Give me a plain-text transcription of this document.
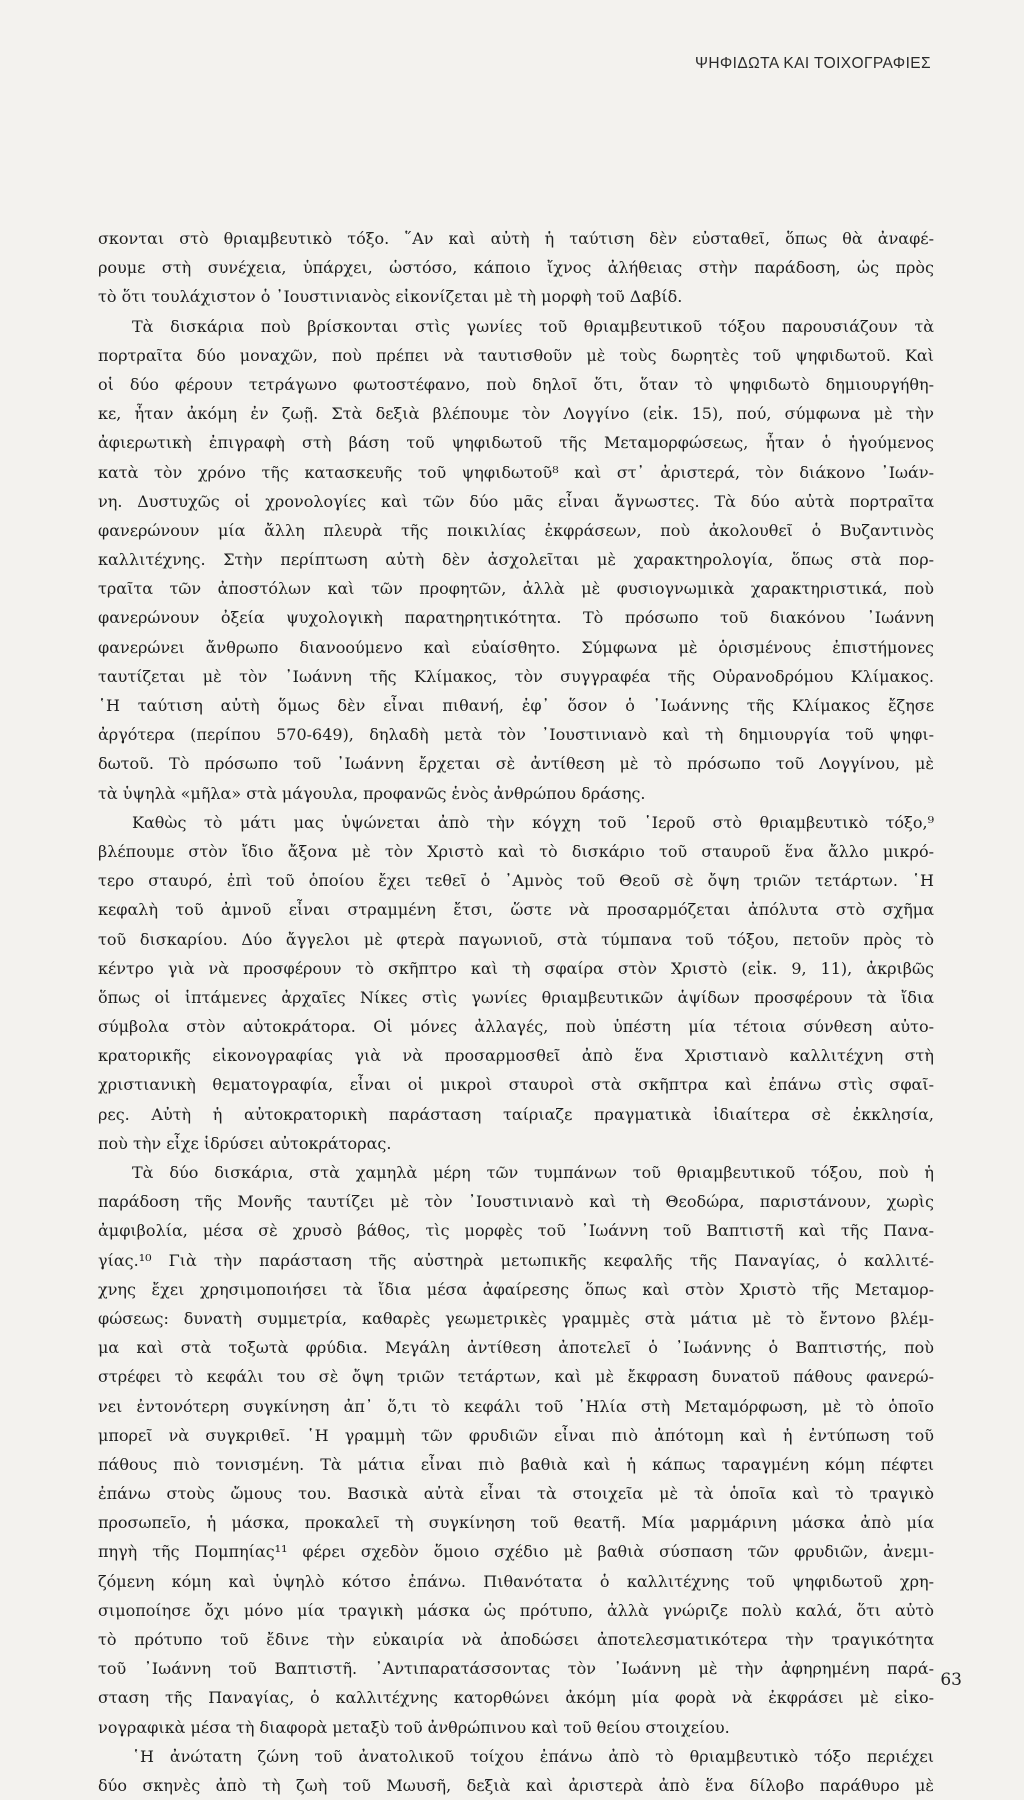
ΨΗΦΙΔΩΤΑ ΚΑΙ ΤΟΙΧΟΓΡΑΦΙΕΣ

σκονται στὸ θριαμβευτικὸ τόξο. ῞Αν καὶ αὐτὴ ἡ ταύτιση δὲν εὐσταθεῖ, ὅπως θὰ ἀναφέ-
ρουμε στὴ συνέχεια, ὑπάρχει, ὡστόσο, κάποιο ἴχνος ἀλήθειας στὴν παράδοση, ὡς πρὸς
τὸ ὅτι τουλάχιστον ὁ ᾿Ιουστινιανὸς εἰκονίζεται μὲ τὴ μορφὴ τοῦ Δαβίδ.
Τὰ δισκάρια ποὺ βρίσκονται στὶς γωνίες τοῦ θριαμβευτικοῦ τόξου παρουσιάζουν τὰ
πορτραῖτα δύο μοναχῶν, ποὺ πρέπει νὰ ταυτισθοῦν μὲ τοὺς δωρητὲς τοῦ ψηφιδωτοῦ. Καὶ
οἱ δύο φέρουν τετράγωνο φωτοστέφανο, ποὺ δηλοῖ ὅτι, ὅταν τὸ ψηφιδωτὸ δημιουργήθη-
κε, ἦταν ἀκόμη ἐν ζωῇ. Στὰ δεξιὰ βλέπουμε τὸν Λογγίνο (εἰκ. 15), πού, σύμφωνα μὲ τὴν
ἀφιερωτικὴ ἐπιγραφὴ στὴ βάση τοῦ ψηφιδωτοῦ τῆς Μεταμορφώσεως, ἦταν ὁ ἡγούμενος
κατὰ τὸν χρόνο τῆς κατασκευῆς τοῦ ψηφιδωτοῦ⁸ καὶ στ᾿ ἀριστερά, τὸν διάκονο ᾿Ιωάν-
νη. Δυστυχῶς οἱ χρονολογίες καὶ τῶν δύο μᾶς εἶναι ἄγνωστες. Τὰ δύο αὐτὰ πορτραῖτα
φανερώνουν μία ἄλλη πλευρὰ τῆς ποικιλίας ἐκφράσεων, ποὺ ἀκολουθεῖ ὁ Βυζαντινὸς
καλλιτέχνης. Στὴν περίπτωση αὐτὴ δὲν ἀσχολεῖται μὲ χαρακτηρολογία, ὅπως στὰ πορ-
τραῖτα τῶν ἀποστόλων καὶ τῶν προφητῶν, ἀλλὰ μὲ φυσιογνωμικὰ χαρακτηριστικά, ποὺ
φανερώνουν ὀξεία ψυχολογικὴ παρατηρητικότητα. Τὸ πρόσωπο τοῦ διακόνου ᾿Ιωάννη
φανερώνει ἄνθρωπο διανοούμενο καὶ εὐαίσθητο. Σύμφωνα μὲ ὁρισμένους ἐπιστήμονες
ταυτίζεται μὲ τὸν ᾿Ιωάννη τῆς Κλίμακος, τὸν συγγραφέα τῆς Οὐρανοδρόμου Κλίμακος.
῾Η ταύτιση αὐτὴ ὅμως δὲν εἶναι πιθανή, ἐφ᾿ ὅσον ὁ ᾿Ιωάννης τῆς Κλίμακος ἔζησε
ἀργότερα (περίπου 570-649), δηλαδὴ μετὰ τὸν ᾿Ιουστινιανὸ καὶ τὴ δημιουργία τοῦ ψηφι-
δωτοῦ. Τὸ πρόσωπο τοῦ ᾿Ιωάννη ἔρχεται σὲ ἀντίθεση μὲ τὸ πρόσωπο τοῦ Λογγίνου, μὲ
τὰ ὑψηλὰ «μῆλα» στὰ μάγουλα, προφανῶς ἑνὸς ἀνθρώπου δράσης.
Καθὼς τὸ μάτι μας ὑψώνεται ἀπὸ τὴν κόγχη τοῦ ῾Ιεροῦ στὸ θριαμβευτικὸ τόξο,⁹
βλέπουμε στὸν ἴδιο ἄξονα μὲ τὸν Χριστὸ καὶ τὸ δισκάριο τοῦ σταυροῦ ἕνα ἄλλο μικρό-
τερο σταυρό, ἐπὶ τοῦ ὁποίου ἔχει τεθεῖ ὁ ᾿Αμνὸς τοῦ Θεοῦ σὲ ὄψη τριῶν τετάρτων. ῾Η
κεφαλὴ τοῦ ἀμνοῦ εἶναι στραμμένη ἔτσι, ὥστε νὰ προσαρμόζεται ἀπόλυτα στὸ σχῆμα
τοῦ δισκαρίου. Δύο ἄγγελοι μὲ φτερὰ παγωνιοῦ, στὰ τύμπανα τοῦ τόξου, πετοῦν πρὸς τὸ
κέντρο γιὰ νὰ προσφέρουν τὸ σκῆπτρο καὶ τὴ σφαίρα στὸν Χριστὸ (εἰκ. 9, 11), ἀκριβῶς
ὅπως οἱ ἱπτάμενες ἀρχαῖες Νίκες στὶς γωνίες θριαμβευτικῶν ἁψίδων προσφέρουν τὰ ἴδια
σύμβολα στὸν αὐτοκράτορα. Οἱ μόνες ἀλλαγές, ποὺ ὑπέστη μία τέτοια σύνθεση αὐτο-
κρατορικῆς εἰκονογραφίας γιὰ νὰ προσαρμοσθεῖ ἀπὸ ἕνα Χριστιανὸ καλλιτέχνη στὴ
χριστιανικὴ θεματογραφία, εἶναι οἱ μικροὶ σταυροὶ στὰ σκῆπτρα καὶ ἐπάνω στὶς σφαῖ-
ρες. Αὐτὴ ἡ αὐτοκρατορικὴ παράσταση ταίριαζε πραγματικὰ ἰδιαίτερα σὲ ἐκκλησία,
ποὺ τὴν εἶχε ἱδρύσει αὐτοκράτορας.
Τὰ δύο δισκάρια, στὰ χαμηλὰ μέρη τῶν τυμπάνων τοῦ θριαμβευτικοῦ τόξου, ποὺ ἡ
παράδοση τῆς Μονῆς ταυτίζει μὲ τὸν ᾿Ιουστινιανὸ καὶ τὴ Θεοδώρα, παριστάνουν, χωρὶς
ἀμφιβολία, μέσα σὲ χρυσὸ βάθος, τὶς μορφὲς τοῦ ᾿Ιωάννη τοῦ Βαπτιστῆ καὶ τῆς Πανα-
γίας.¹⁰ Γιὰ τὴν παράσταση τῆς αὐστηρὰ μετωπικῆς κεφαλῆς τῆς Παναγίας, ὁ καλλιτέ-
χνης ἔχει χρησιμοποιήσει τὰ ἴδια μέσα ἀφαίρεσης ὅπως καὶ στὸν Χριστὸ τῆς Μεταμορ-
φώσεως: δυνατὴ συμμετρία, καθαρὲς γεωμετρικὲς γραμμὲς στὰ μάτια μὲ τὸ ἔντονο βλέμ-
μα καὶ στὰ τοξωτὰ φρύδια. Μεγάλη ἀντίθεση ἀποτελεῖ ὁ ᾿Ιωάννης ὁ Βαπτιστής, ποὺ
στρέφει τὸ κεφάλι του σὲ ὄψη τριῶν τετάρτων, καὶ μὲ ἔκφραση δυνατοῦ πάθους φανερώ-
νει ἐντονότερη συγκίνηση ἀπ᾿ ὅ,τι τὸ κεφάλι τοῦ ᾿Ηλία στὴ Μεταμόρφωση, μὲ τὸ ὁποῖο
μπορεῖ νὰ συγκριθεῖ. ῾Η γραμμὴ τῶν φρυδιῶν εἶναι πιὸ ἀπότομη καὶ ἡ ἐντύπωση τοῦ
πάθους πιὸ τονισμένη. Τὰ μάτια εἶναι πιὸ βαθιὰ καὶ ἡ κάπως ταραγμένη κόμη πέφτει
ἐπάνω στοὺς ὤμους του. Βασικὰ αὐτὰ εἶναι τὰ στοιχεῖα μὲ τὰ ὁποῖα καὶ τὸ τραγικὸ
προσωπεῖο, ἡ μάσκα, προκαλεῖ τὴ συγκίνηση τοῦ θεατῆ. Μία μαρμάρινη μάσκα ἀπὸ μία
πηγὴ τῆς Πομπηίας¹¹ φέρει σχεδὸν ὅμοιο σχέδιο μὲ βαθιὰ σύσπαση τῶν φρυδιῶν, ἀνεμι-
ζόμενη κόμη καὶ ὑψηλὸ κότσο ἐπάνω. Πιθανότατα ὁ καλλιτέχνης τοῦ ψηφιδωτοῦ χρη-
σιμοποίησε ὄχι μόνο μία τραγικὴ μάσκα ὡς πρότυπο, ἀλλὰ γνώριζε πολὺ καλά, ὅτι αὐτὸ
τὸ πρότυπο τοῦ ἔδινε τὴν εὐκαιρία νὰ ἀποδώσει ἀποτελεσματικότερα τὴν τραγικότητα
τοῦ ᾿Ιωάννη τοῦ Βαπτιστῆ. ᾿Αντιπαρατάσσοντας τὸν ᾿Ιωάννη μὲ τὴν ἀφηρημένη παρά-
σταση τῆς Παναγίας, ὁ καλλιτέχνης κατορθώνει ἀκόμη μία φορὰ νὰ ἐκφράσει μὲ εἰκο-
νογραφικὰ μέσα τὴ διαφορὰ μεταξὺ τοῦ ἀνθρώπινου καὶ τοῦ θείου στοιχείου.
῾Η ἀνώτατη ζώνη τοῦ ἀνατολικοῦ τοίχου ἐπάνω ἀπὸ τὸ θριαμβευτικὸ τόξο περιέχει
δύο σκηνὲς ἀπὸ τὴ ζωὴ τοῦ Μωυσῆ, δεξιὰ καὶ ἀριστερὰ ἀπὸ ἕνα δίλοβο παράθυρο μὲ

63
